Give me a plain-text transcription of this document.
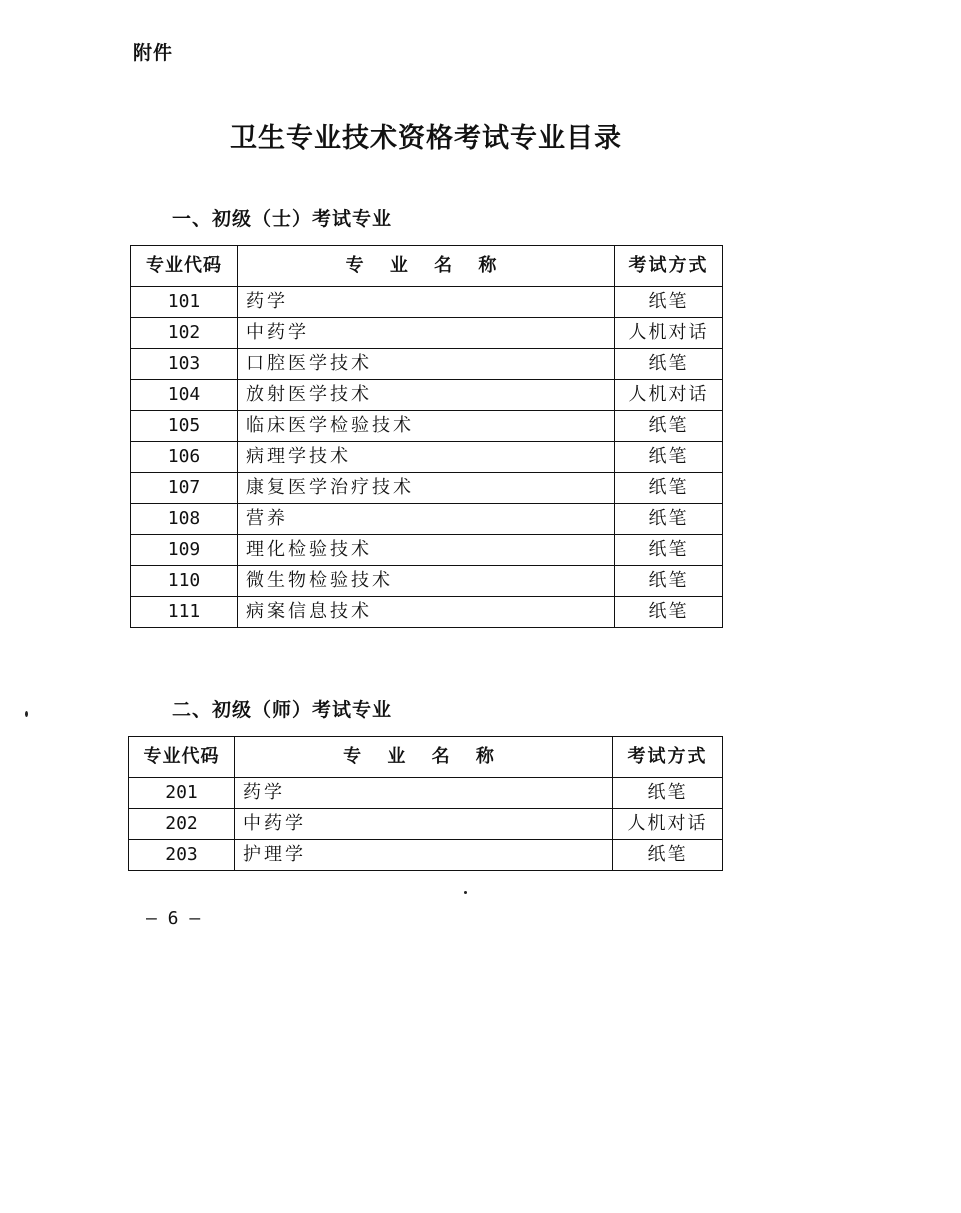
附件
卫生专业技术资格考试专业目录
一、初级（士）考试专业
专业代码	专 业 名 称	考试方式
101	药学	纸笔
102	中药学	人机对话
103	口腔医学技术	纸笔
104	放射医学技术	人机对话
105	临床医学检验技术	纸笔
106	病理学技术	纸笔
107	康复医学治疗技术	纸笔
108	营养	纸笔
109	理化检验技术	纸笔
110	微生物检验技术	纸笔
111	病案信息技术	纸笔
二、初级（师）考试专业
专业代码	专 业 名 称	考试方式
201	药学	纸笔
202	中药学	人机对话
203	护理学	纸笔
— 6 —
